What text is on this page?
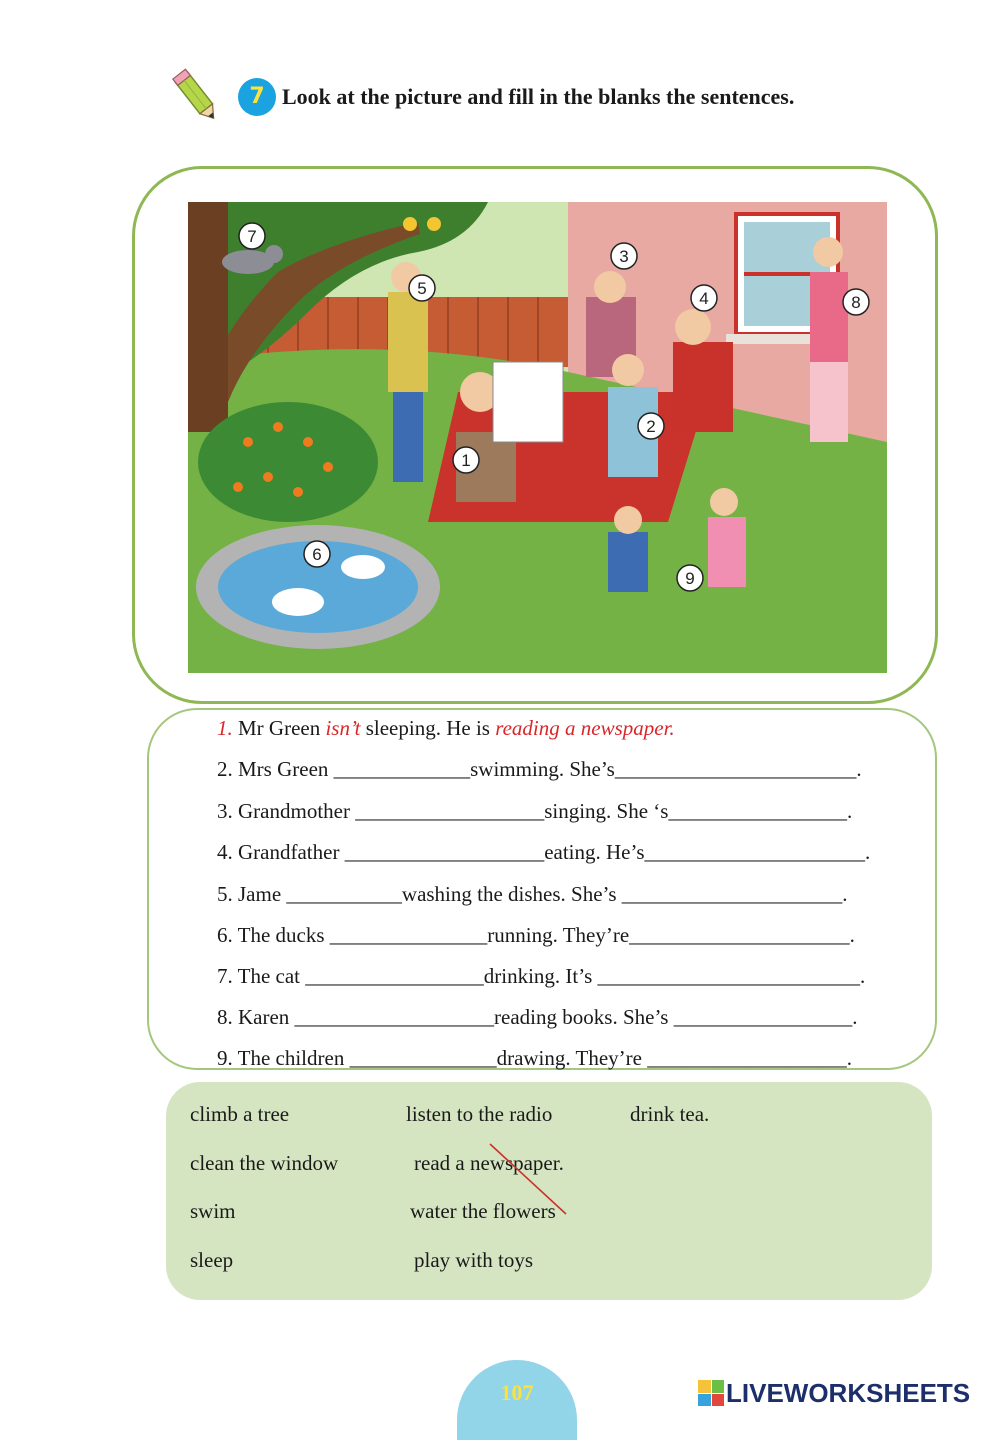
7 Look at the picture and fill in the blanks the sentences.
1
2
3
4
5
6
7
8
9
1. Mr Green isn’t sleeping. He is reading a newspaper.
2. Mrs Green _____________swimming. She’s_______________________.
3. Grandmother __________________singing. She ‘s_________________.
4. Grandfather ___________________eating. He’s_____________________.
5. Jame ___________washing the dishes. She’s _____________________.
6. The ducks _______________running. They’re_____________________.
7. The cat _________________drinking. It’s _________________________.
8. Karen ___________________reading books. She’s _________________.
9. The children ______________drawing. They’re ___________________.
climb a tree
clean the window
swim
sleep
listen to the radio
read a newspaper.
water the flowers
play with toys
drink tea.
107	LIVEWORKSHEETS
